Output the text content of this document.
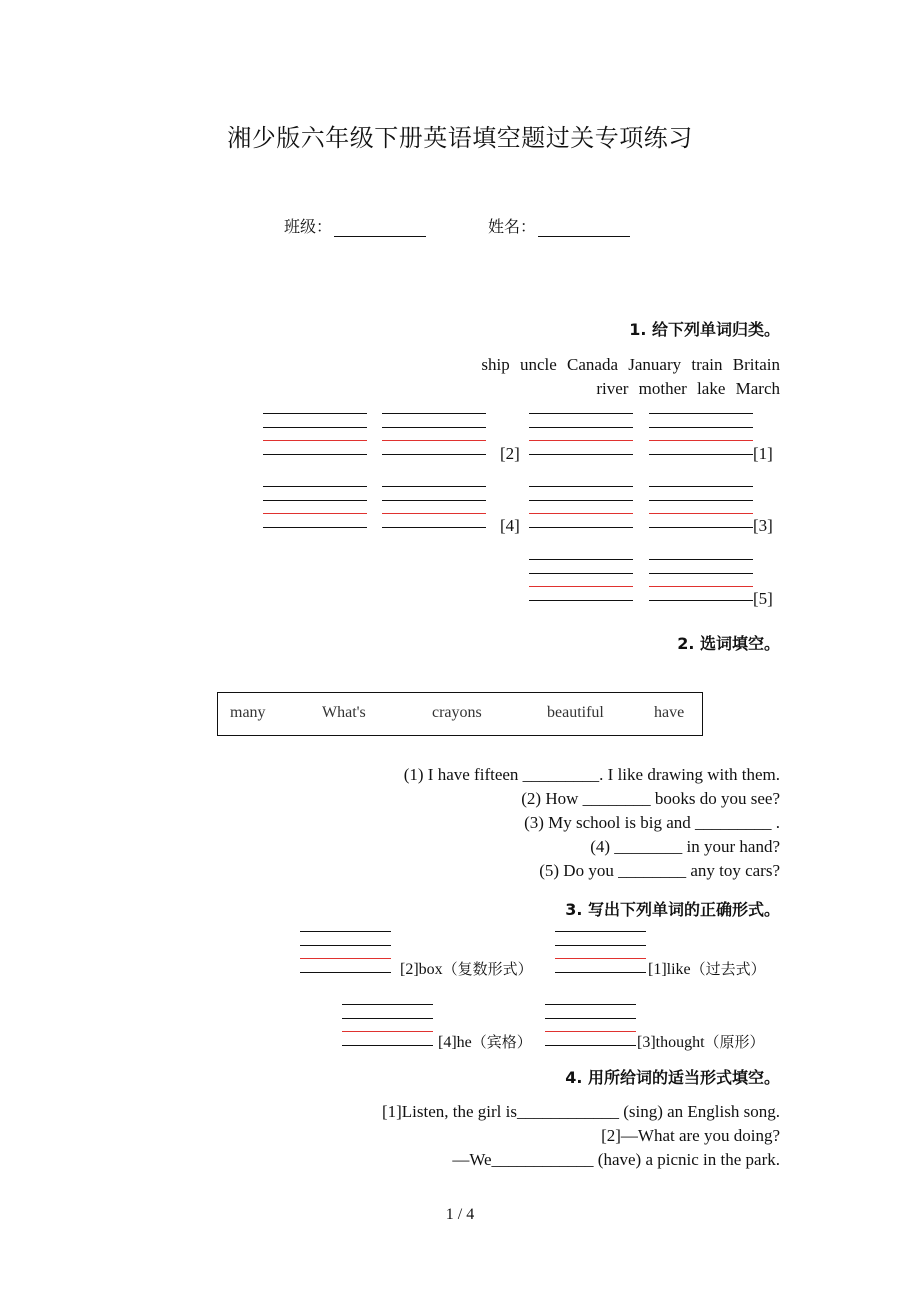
湘少版六年级下册英语填空题过关专项练习
班级：	姓名：
1. 给下列单词归类。
ship uncle Canada January train Britain
river mother lake March
[2]	[1]
[4]	[3]
[5]
2. 选词填空。
many	What's	crayons	beautiful	have
(1) I have fifteen _________. I like drawing with them.
(2) How ________ books do you see?
(3) My school is big and _________ .
(4) ________ in your hand?
(5) Do you ________ any toy cars?
3. 写出下列单词的正确形式。
[2]box（复数形式）	[1]like（过去式）
[4]he（宾格）	[3]thought（原形）
4. 用所给词的适当形式填空。
[1]Listen, the girl is____________ (sing) an English song.
[2]—What are you doing?
—We____________ (have) a picnic in the park.
1 / 4
